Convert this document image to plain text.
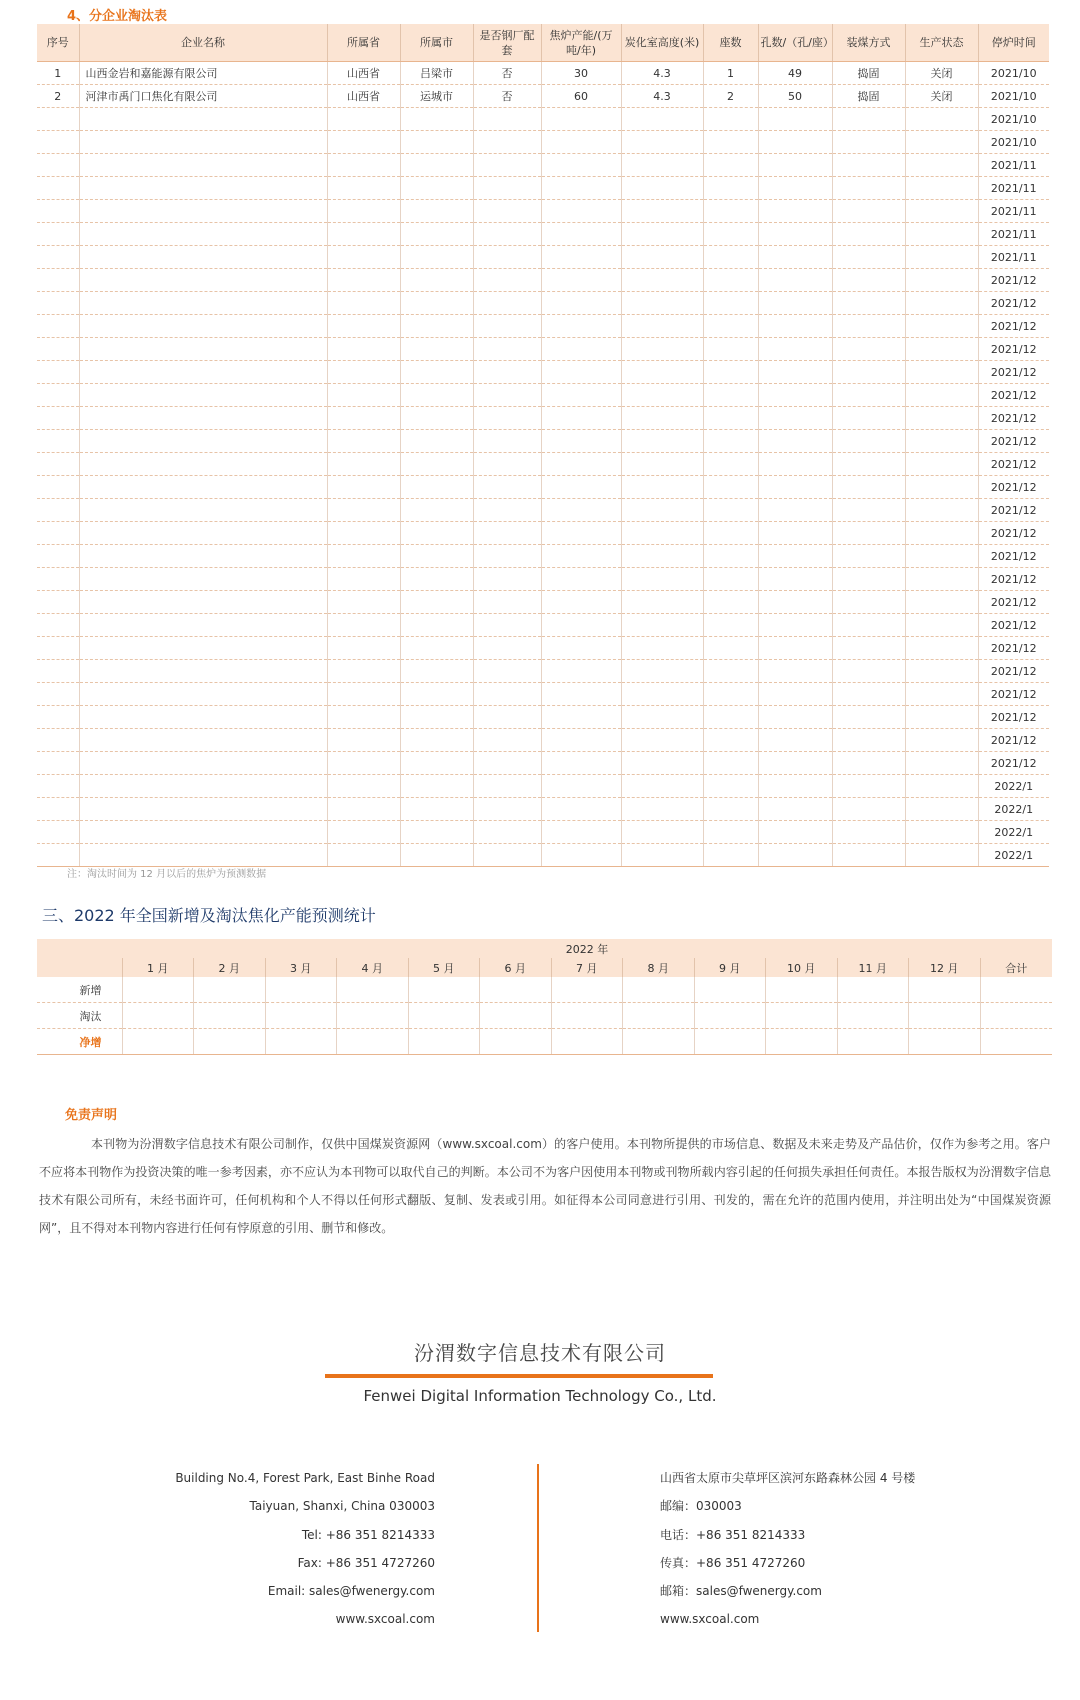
4、分企业淘汰表
序号	企业名称	所属省	所属市	是否钢厂配套	焦炉产能/(万吨/年)	炭化室高度(米)	座数	孔数/（孔/座）	装煤方式	生产状态	停炉时间
1	山西金岩和嘉能源有限公司	山西省	吕梁市	否	30	4.3	1	49	捣固	关闭	2021/10
2	河津市禹门口焦化有限公司	山西省	运城市	否	60	4.3	2	50	捣固	关闭	2021/10
											2021/10
											2021/10
											2021/11
											2021/11
											2021/11
											2021/11
											2021/11
											2021/12
											2021/12
											2021/12
											2021/12
											2021/12
											2021/12
											2021/12
											2021/12
											2021/12
											2021/12
											2021/12
											2021/12
											2021/12
											2021/12
											2021/12
											2021/12
											2021/12
											2021/12
											2021/12
											2021/12
											2021/12
											2021/12
											2022/1
											2022/1
											2022/1
											2022/1
注：淘汰时间为 12 月以后的焦炉为预测数据
三、2022 年全国新增及淘汰焦化产能预测统计
	2022 年												
	1 月	2 月	3 月	4 月	5 月	6 月	7 月	8 月	9 月	10 月	11 月	12 月	合计
新增													
淘汰													
净增													
免责声明
本刊物为汾渭数字信息技术有限公司制作，仅供中国煤炭资源网（www.sxcoal.com）的客户使用。本刊物所提供的市场信息、数据及未来走势及产品估价，仅作为参考之用。客户不应将本刊物作为投资决策的唯一参考因素，亦不应认为本刊物可以取代自己的判断。本公司不为客户因使用本刊物或刊物所载内容引起的任何损失承担任何责任。本报告版权为汾渭数字信息技术有限公司所有，未经书面许可，任何机构和个人不得以任何形式翻版、复制、发表或引用。如征得本公司同意进行引用、刊发的，需在允许的范围内使用，并注明出处为“中国煤炭资源网”，且不得对本刊物内容进行任何有悖原意的引用、删节和修改。
汾渭数字信息技术有限公司
Fenwei Digital Information Technology Co., Ltd.
Building No.4, Forest Park, East Binhe Road
Taiyuan, Shanxi, China 030003
Tel: +86 351 8214333
Fax: +86 351 4727260
Email: sales@fwenergy.com
www.sxcoal.com
山西省太原市尖草坪区滨河东路森林公园 4 号楼
邮编：030003
电话：+86 351 8214333
传真：+86 351 4727260
邮箱：sales@fwenergy.com
www.sxcoal.com
